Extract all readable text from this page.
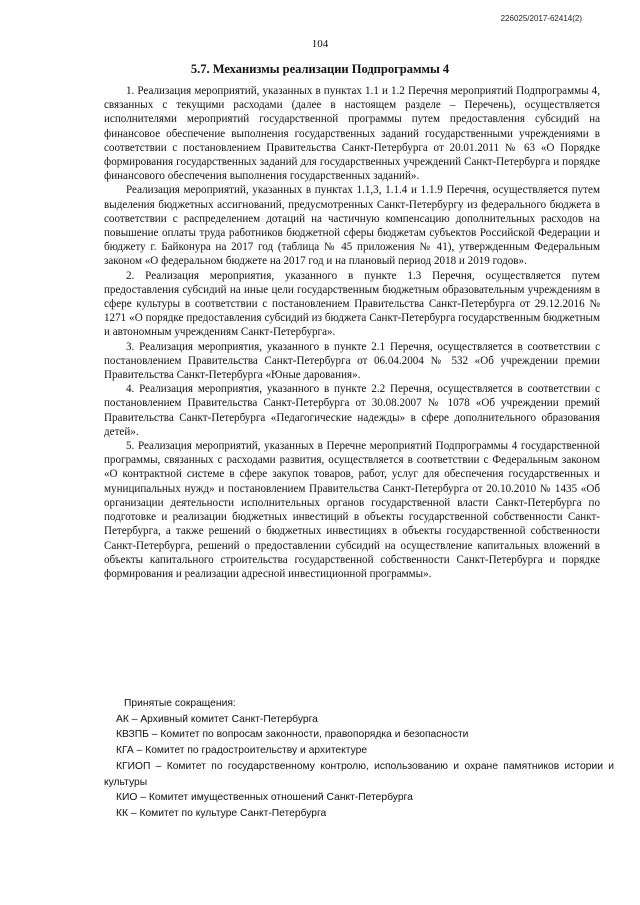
226025/2017-62414(2)
104
5.7. Механизмы реализации Подпрограммы 4

1. Реализация мероприятий, указанных в пунктах 1.1 и 1.2 Перечня мероприятий Подпрограммы 4, связанных с текущими расходами (далее в настоящем разделе – Перечень), осуществляется исполнителями мероприятий государственной программы путем предоставления субсидий на финансовое обеспечение выполнения государственных заданий государственными учреждениями в соответствии с постановлением Правительства Санкт-Петербурга от 20.01.2011 № 63 «О Порядке формирования государственных заданий для государственных учреждений Санкт-Петербурга и порядке финансового обеспечения выполнения государственных заданий».

Реализация мероприятий, указанных в пунктах 1.1,3, 1.1.4 и 1.1.9 Перечня, осуществляется путем выделения бюджетных ассигнований, предусмотренных Санкт-Петербургу из федерального бюджета в соответствии с распределением дотаций на частичную компенсацию дополнительных расходов на повышение оплаты труда работников бюджетной сферы бюджетам субъектов Российской Федерации и бюджету г. Байконура на 2017 год (таблица № 45 приложения № 41), утвержденным Федеральным законом «О федеральном бюджете на 2017 год и на плановый период 2018 и 2019 годов».

2. Реализация мероприятия, указанного в пункте 1.3 Перечня, осуществляется путем предоставления субсидий на иные цели государственным бюджетным образовательным учреждениям в сфере культуры в соответствии с постановлением Правительства Санкт-Петербурга от 29.12.2016 № 1271 «О порядке предоставления субсидий из бюджета Санкт-Петербурга государственным бюджетным и автономным учреждениям Санкт-Петербурга».

3. Реализация мероприятия, указанного в пункте 2.1 Перечня, осуществляется в соответствии с постановлением Правительства Санкт-Петербурга от 06.04.2004 № 532 «Об учреждении премии Правительства Санкт-Петербурга «Юные дарования».

4. Реализация мероприятия, указанного в пункте 2.2 Перечня, осуществляется в соответствии с постановлением Правительства Санкт-Петербурга от 30.08.2007 № 1078 «Об учреждении премий Правительства Санкт-Петербурга «Педагогические надежды» в сфере дополнительного образования детей».

5. Реализация мероприятий, указанных в Перечне мероприятий Подпрограммы 4 государственной программы, связанных с расходами развития, осуществляется в соответствии с Федеральным законом «О контрактной системе в сфере закупок товаров, работ, услуг для обеспечения государственных и муниципальных нужд» и постановлением Правительства Санкт-Петербурга от 20.10.2010 № 1435 «Об организации деятельности исполнительных органов государственной власти Санкт-Петербурга по подготовке и реализации бюджетных инвестиций в объекты государственной собственности Санкт-Петербурга, а также решений о бюджетных инвестициях в объекты государственной собственности Санкт-Петербурга, решений о предоставлении субсидий на осуществление капитальных вложений в объекты капитального строительства государственной собственности Санкт-Петербурга и порядке формирования и реализации адресной инвестиционной программы».

Принятые сокращения:
АК – Архивный комитет Санкт-Петербурга
КВЗПБ – Комитет по вопросам законности, правопорядка и безопасности
КГА – Комитет по градостроительству и архитектуре
КГИОП – Комитет по государственному контролю, использованию и охране памятников истории и культуры
КИО – Комитет имущественных отношений Санкт-Петербурга
КК – Комитет по культуре Санкт-Петербурга
